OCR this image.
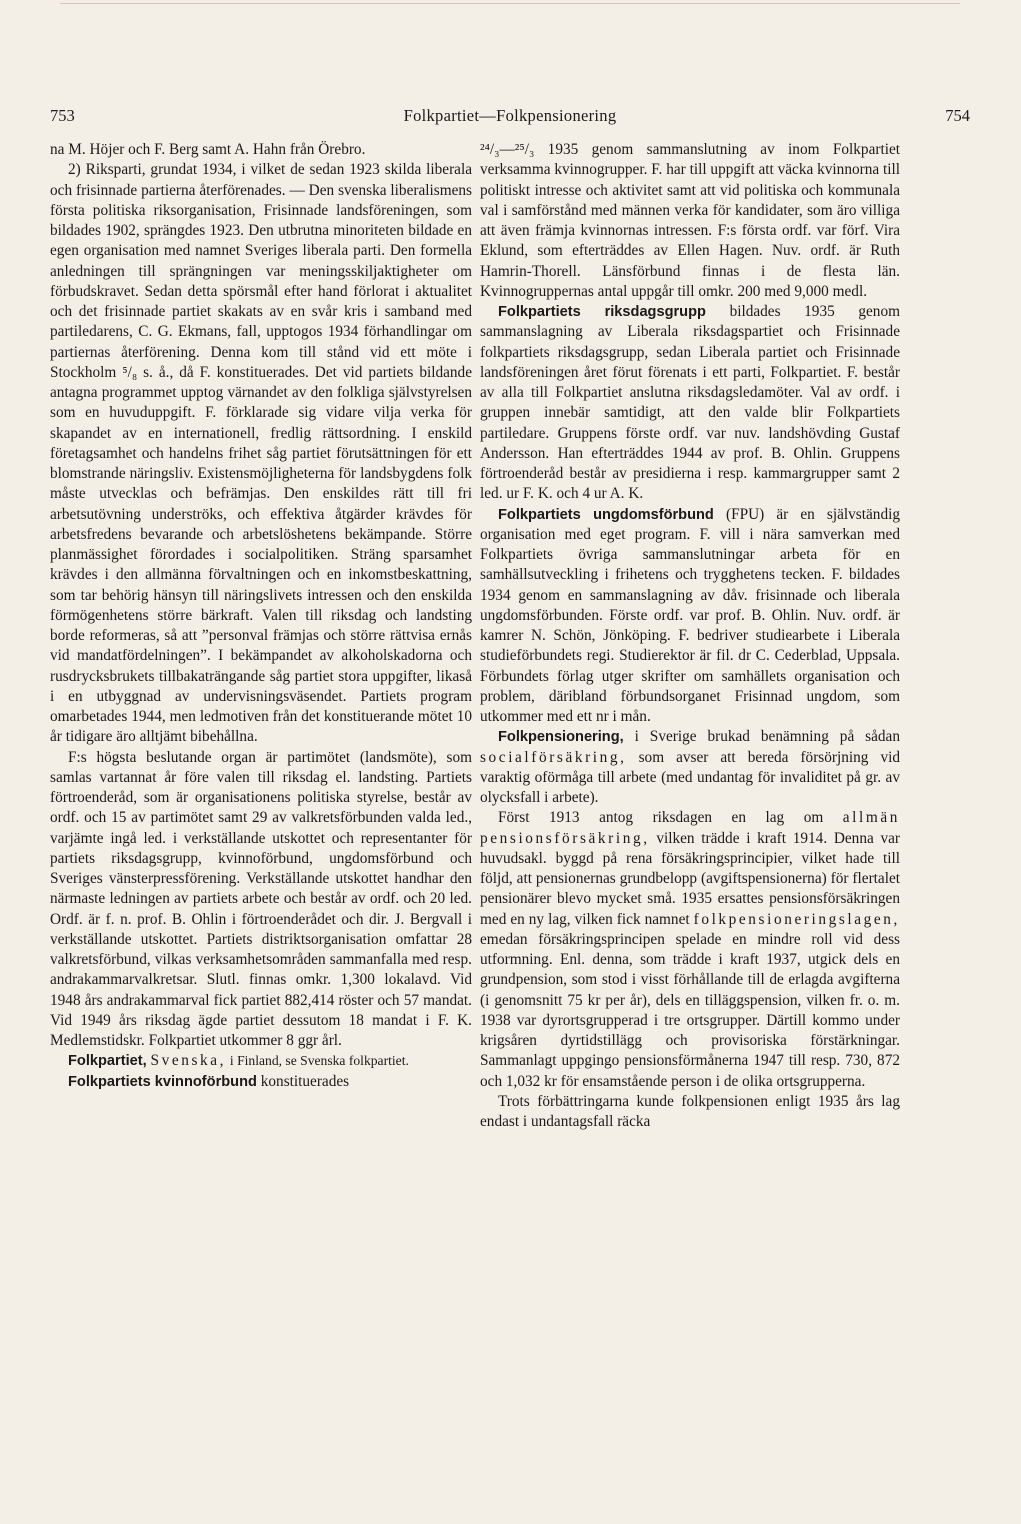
753	Folkpartiet—Folkpensionering	754

na M. Höjer och F. Berg samt A. Hahn från Örebro.

2) Riksparti, grundat 1934, i vilket de sedan 1923 skilda liberala och frisinnade partierna återförenades. — Den svenska liberalismens första politiska riksorganisation, Frisinnade landsföreningen, som bildades 1902, sprängdes 1923. Den utbrutna minoriteten bildade en egen organisation med namnet Sveriges liberala parti. Den formella anledningen till sprängningen var meningsskiljaktigheter om förbudskravet. Sedan detta spörsmål efter hand förlorat i aktualitet och det frisinnade partiet skakats av en svår kris i samband med partiledarens, C. G. Ekmans, fall, upptogos 1934 förhandlingar om partiernas återförening. Denna kom till stånd vid ett möte i Stockholm ⁵/₈ s. å., då F. konstituerades. Det vid partiets bildande antagna programmet upptog värnandet av den folkliga självstyrelsen som en huvuduppgift. F. förklarade sig vidare vilja verka för skapandet av en internationell, fredlig rättsordning. I enskild företagsamhet och handelns frihet såg partiet förutsättningen för ett blomstrande näringsliv. Existensmöjligheterna för landsbygdens folk måste utvecklas och befrämjas. Den enskildes rätt till fri arbetsutövning underströks, och effektiva åtgärder krävdes för arbetsfredens bevarande och arbetslöshetens bekämpande. Större planmässighet förordades i socialpolitiken. Sträng sparsamhet krävdes i den allmänna förvaltningen och en inkomstbeskattning, som tar behörig hänsyn till näringslivets intressen och den enskilda förmögenhetens större bärkraft. Valen till riksdag och landsting borde reformeras, så att ”personval främjas och större rättvisa ernås vid mandatfördelningen”. I bekämpandet av alkoholskadorna och rusdrycksbrukets tillbakaträngande såg partiet stora uppgifter, likaså i en utbyggnad av undervisningsväsendet. Partiets program omarbetades 1944, men ledmotiven från det konstituerande mötet 10 år tidigare äro alltjämt bibehållna.

F:s högsta beslutande organ är partimötet (landsmöte), som samlas vartannat år före valen till riksdag el. landsting. Partiets förtroenderåd, som är organisationens politiska styrelse, består av ordf. och 15 av partimötet samt 29 av valkretsförbunden valda led., varjämte ingå led. i verkställande utskottet och representanter för partiets riksdagsgrupp, kvinnoförbund, ungdomsförbund och Sveriges vänsterpressförening. Verkställande utskottet handhar den närmaste ledningen av partiets arbete och består av ordf. och 20 led. Ordf. är f. n. prof. B. Ohlin i förtroenderådet och dir. J. Bergvall i verkställande utskottet. Partiets distriktsorganisation omfattar 28 valkretsförbund, vilkas verksamhetsområden sammanfalla med resp. andrakammarvalkretsar. Slutl. finnas omkr. 1,300 lokalavd. Vid 1948 års andrakammarval fick partiet 882,414 röster och 57 mandat. Vid 1949 års riksdag ägde partiet dessutom 18 mandat i F. K. Medlemstidskr. Folkpartiet utkommer 8 ggr årl.

Folkpartiet, Svenska, i Finland, se Svenska folkpartiet.

Folkpartiets kvinnoförbund konstituerades

²⁴/₃—²⁵/₃ 1935 genom sammanslutning av inom Folkpartiet verksamma kvinnogrupper. F. har till uppgift att väcka kvinnorna till politiskt intresse och aktivitet samt att vid politiska och kommunala val i samförstånd med männen verka för kandidater, som äro villiga att även främja kvinnornas intressen. F:s första ordf. var förf. Vira Eklund, som efterträddes av Ellen Hagen. Nuv. ordf. är Ruth Hamrin-Thorell. Länsförbund finnas i de flesta län. Kvinnogruppernas antal uppgår till omkr. 200 med 9,000 medl.

Folkpartiets riksdagsgrupp bildades 1935 genom sammanslagning av Liberala riksdagspartiet och Frisinnade folkpartiets riksdagsgrupp, sedan Liberala partiet och Frisinnade landsföreningen året förut förenats i ett parti, Folkpartiet. F. består av alla till Folkpartiet anslutna riksdagsledamöter. Val av ordf. i gruppen innebär samtidigt, att den valde blir Folkpartiets partiledare. Gruppens förste ordf. var nuv. landshövding Gustaf Andersson. Han efterträddes 1944 av prof. B. Ohlin. Gruppens förtroenderåd består av presidierna i resp. kammargrupper samt 2 led. ur F. K. och 4 ur A. K.

Folkpartiets ungdomsförbund (FPU) är en självständig organisation med eget program. F. vill i nära samverkan med Folkpartiets övriga sammanslutningar arbeta för en samhällsutveckling i frihetens och trygghetens tecken. F. bildades 1934 genom en sammanslagning av dåv. frisinnade och liberala ungdomsförbunden. Förste ordf. var prof. B. Ohlin. Nuv. ordf. är kamrer N. Schön, Jönköping. F. bedriver studiearbete i Liberala studieförbundets regi. Studierektor är fil. dr C. Cederblad, Uppsala. Förbundets förlag utger skrifter om samhällets organisation och problem, däribland förbundsorganet Frisinnad ungdom, som utkommer med ett nr i mån.

Folkpensionering, i Sverige brukad benämning på sådan socialförsäkring, som avser att bereda försörjning vid varaktig oförmåga till arbete (med undantag för invaliditet på gr. av olycksfall i arbete).

Först 1913 antog riksdagen en lag om allmän pensionsförsäkring, vilken trädde i kraft 1914. Denna var huvudsakl. byggd på rena försäkringsprincipier, vilket hade till följd, att pensionernas grundbelopp (avgiftspensionerna) för flertalet pensionärer blevo mycket små. 1935 ersattes pensionsförsäkringen med en ny lag, vilken fick namnet folkpensioneringslagen, emedan försäkringsprincipen spelade en mindre roll vid dess utformning. Enl. denna, som trädde i kraft 1937, utgick dels en grundpension, som stod i visst förhållande till de erlagda avgifterna (i genomsnitt 75 kr per år), dels en tilläggspension, vilken fr. o. m. 1938 var dyrortsgrupperad i tre ortsgrupper. Därtill kommo under krigsåren dyrtidstillägg och provisoriska förstärkningar. Sammanlagt uppgingo pensionsförmånerna 1947 till resp. 730, 872 och 1,032 kr för ensamstående person i de olika ortsgrupperna.

Trots förbättringarna kunde folkpensionen enligt 1935 års lag endast i undantagsfall räcka
